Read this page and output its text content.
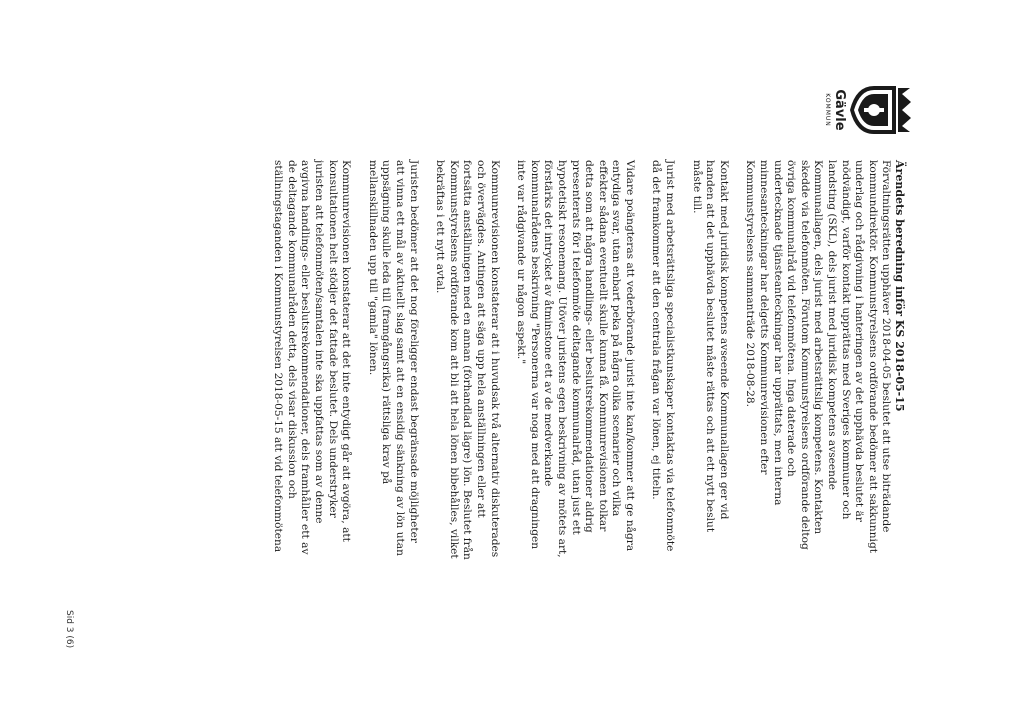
Gävle
KOMMUN
Sid 3 (6)
Ärendets beredning inför KS 2018-05-15

Förvaltningsrätten upphäver 2018-04-05 beslutet att utse biträdande kommundirektör. Kommunstyrelsens ordförande bedömer att sakkunnigt underlag och rådgivning i hanteringen av det upphävda beslutet är nödvändigt, varför kontakt upprättas med Sveriges kommuner och landsting (SKL), dels jurist med juridisk kompetens avseende Kommunallagen, dels jurist med arbetsrättslig kompetens. Kontakten skedde via telefonmöten. Förutom Kommunstyrelsens ordförande deltog övriga kommunalråd vid telefonmötena. Inga daterade och undertecknade tjänsteanteckningar har upprättats, men interna minnesanteckningar har delgetts Kommunrevisionen efter Kommunstyrelsens sammanträde 2018-08-28.

Kontakt med juridisk kompetens avseende Kommunallagen ger vid handen att det upphävda beslutet måste rättas och att ett nytt beslut måste till.

Jurist med arbetsrättsliga specialistkunskaper kontaktas via telefonmöte då det framkommer att den centrala frågan var lönen, ej titeln.

Vidare poängteras att vederbörande jurist inte kan/kommer att ge några entydiga svar, utan enbart peka på några olika scenarier och vilka effekter sådana eventuellt skulle kunna få. Kommunrevisionen tolkar detta som att några handlings- eller beslutsrekommendationer aldrig presenterats för i telefonmöte deltagande kommunalråd, utan just ett hypotetiskt resonemang. Utöver juristens egen beskrivning av mötets art, förstärks det intrycket av åtminstone ett av de medverkande kommunalrådens beskrivning "Personerna var noga med att dragningen inte var rådgivande ur någon aspekt."

Kommunrevisionen konstaterar att i huvudsak två alternativ diskuterades och övervägdes. Antingen att säga upp hela anställningen eller att fortsätta anställningen med en annan (förhandlad lägre) lön. Beslutet från Kommunstyrelsens ordförande kom att bli att hela lönen bibehålles, vilket bekräftas i ett nytt avtal.

Juristen bedömer att det nog föreligger endast begränsade möjligheter att vinna ett mål av aktuellt slag samt att en ensidig sänkning av lön utan uppsägning skulle leda till (framgångsrika) rättsliga krav på mellanskillnaden upp till "gamla" lönen.

Kommunrevisionen konstaterar att det inte entydigt går att avgöra, att konsultationen helt stödjer det fattade beslutet. Dels understryker juristen att telefonmöten/samtalen inte ska uppfattas som av denne avgivna handlings- eller beslutsrekommendationer, dels framhåller ett av de deltagande kommunalråden detta, dels visar diskussion och ställningstaganden i Kommunstyrelsen 2018-05-15 att vid telefonmötena
